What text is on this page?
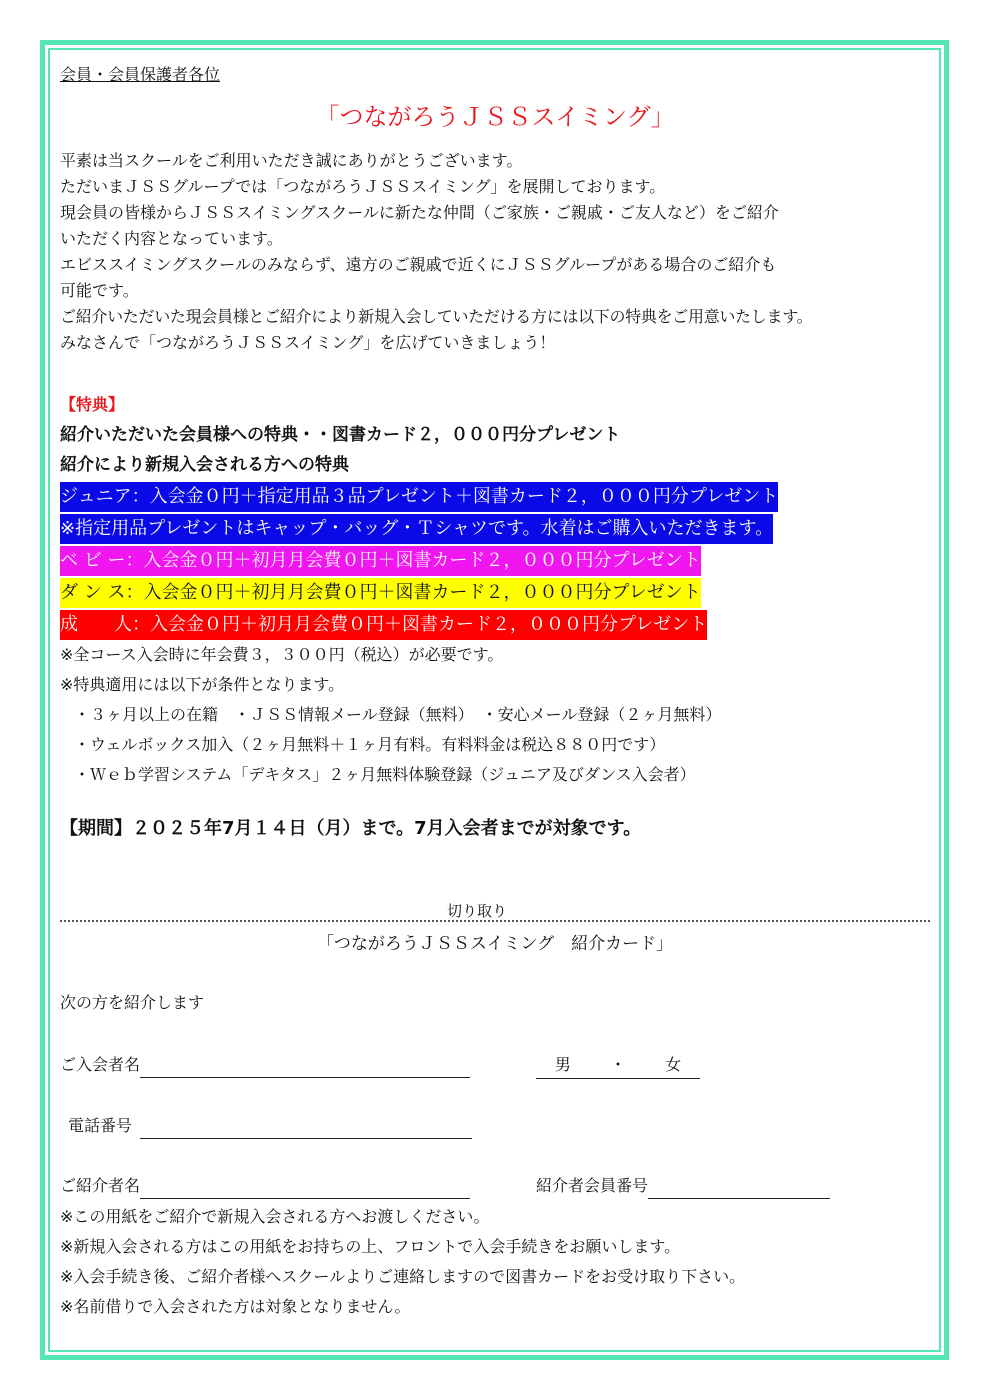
会員・会員保護者各位
「つながろうＪＳＳスイミング」

平素は当スクールをご利用いただき誠にありがとうございます。

ただいまＪＳＳグループでは「つながろうＪＳＳスイミング」を展開しております。

現会員の皆様からＪＳＳスイミングスクールに新たな仲間（ご家族・ご親戚・ご友人など）をご紹介

いただく内容となっています。

エビススイミングスクールのみならず、遠方のご親戚で近くにＪＳＳグループがある場合のご紹介も

可能です。

ご紹介いただいた現会員様とご紹介により新規入会していただける方には以下の特典をご用意いたします。

みなさんで「つながろうＪＳＳスイミング」を広げていきましょう！

【特典】
紹介いただいた会員様への特典・・図書カード２，０００円分プレゼント
紹介により新規入会される方への特典
ジュニア：入会金０円＋指定用品３品プレゼント＋図書カード２，０００円分プレゼント
※指定用品プレゼントはキャップ・バッグ・Ｔシャツです。水着はご購入いただきます。
ベ ビ ー：入会金０円＋初月月会費０円＋図書カード２，０００円分プレゼント
ダ ン ス：入会金０円＋初月月会費０円＋図書カード２，０００円分プレゼント
成　　人：入会金０円＋初月月会費０円＋図書カード２，０００円分プレゼント
※全コース入会時に年会費３，３００円（税込）が必要です。
※特典適用には以下が条件となります。
・３ヶ月以上の在籍　・ＪＳＳ情報メール登録（無料）　・安心メール登録（２ヶ月無料）
・ウェルボックス加入（２ヶ月無料＋１ヶ月有料。有料料金は税込８８０円です）
・Ｗｅｂ学習システム「デキタス」２ヶ月無料体験登録（ジュニア及びダンス入会者）
【期間】２０２５年7月１４日（月）まで。7月入会者までが対象です。
切り取り
「つながろうＪＳＳスイミング　紹介カード」
次の方を紹介します
ご入会者名	男 ・ 女
電話番号
ご紹介者名	紹介者会員番号
※この用紙をご紹介で新規入会される方へお渡しください。
※新規入会される方はこの用紙をお持ちの上、フロントで入会手続きをお願いします。
※入会手続き後、ご紹介者様へスクールよりご連絡しますので図書カードをお受け取り下さい。
※名前借りで入会された方は対象となりません。
